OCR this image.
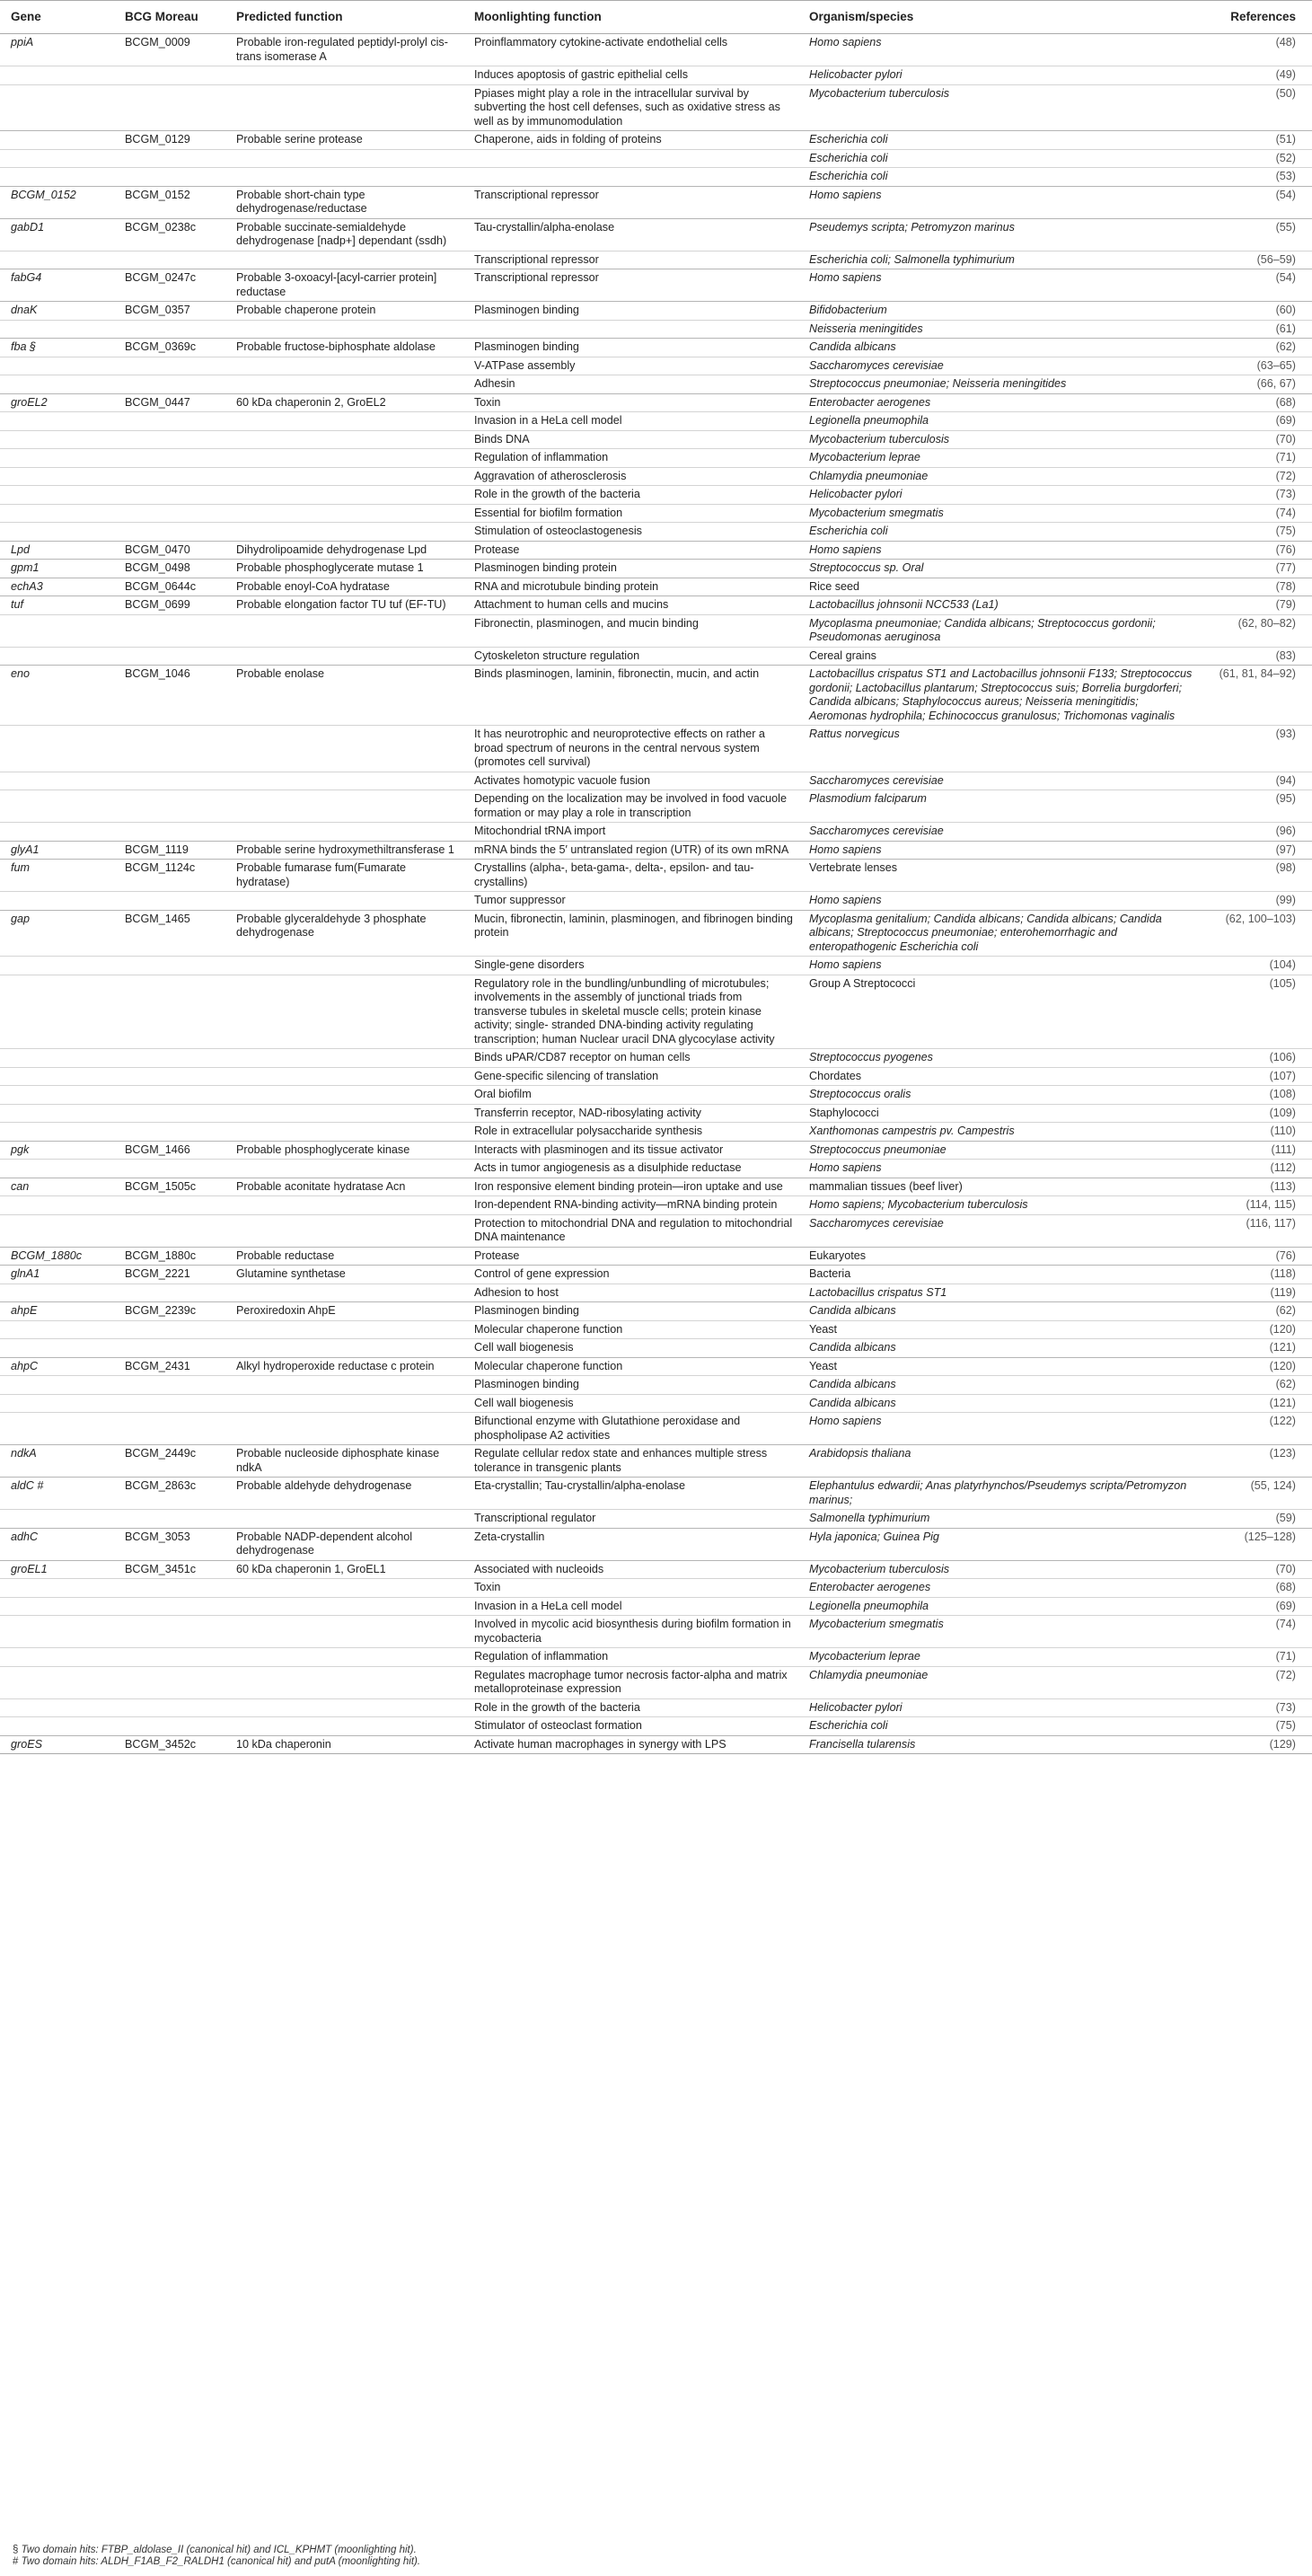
Gene	BCG Moreau	Predicted function	Moonlighting function	Organism/species	References
ppiA	BCGM_0009	Probable iron-regulated peptidyl-prolyl cis-trans isomerase A	Proinflammatory cytokine-activate endothelial cells	Homo sapiens	(48)
			Induces apoptosis of gastric epithelial cells	Helicobacter pylori	(49)
			Ppiases might play a role in the intracellular survival by subverting the host cell defenses, such as oxidative stress as well as by immunomodulation	Mycobacterium tuberculosis	(50)
	BCGM_0129	Probable serine protease	Chaperone, aids in folding of proteins	Escherichia coli	(51)
				Escherichia coli	(52)
				Escherichia coli	(53)
BCGM_0152	BCGM_0152	Probable short-chain type dehydrogenase/reductase	Transcriptional repressor	Homo sapiens	(54)
gabD1	BCGM_0238c	Probable succinate-semialdehyde dehydrogenase [nadp+] dependant (ssdh)	Tau-crystallin/alpha-enolase	Pseudemys scripta; Petromyzon marinus	(55)
			Transcriptional repressor	Escherichia coli; Salmonella typhimurium	(56–59)
fabG4	BCGM_0247c	Probable 3-oxoacyl-[acyl-carrier protein] reductase	Transcriptional repressor	Homo sapiens	(54)
dnaK	BCGM_0357	Probable chaperone protein	Plasminogen binding	Bifidobacterium	(60)
				Neisseria meningitides	(61)
fba §	BCGM_0369c	Probable fructose-biphosphate aldolase	Plasminogen binding	Candida albicans	(62)
			V-ATPase assembly	Saccharomyces cerevisiae	(63–65)
			Adhesin	Streptococcus pneumoniae; Neisseria meningitides	(66, 67)
groEL2	BCGM_0447	60 kDa chaperonin 2, GroEL2	Toxin	Enterobacter aerogenes	(68)
			Invasion in a HeLa cell model	Legionella pneumophila	(69)
			Binds DNA	Mycobacterium tuberculosis	(70)
			Regulation of inflammation	Mycobacterium leprae	(71)
			Aggravation of atherosclerosis	Chlamydia pneumoniae	(72)
			Role in the growth of the bacteria	Helicobacter pylori	(73)
			Essential for biofilm formation	Mycobacterium smegmatis	(74)
			Stimulation of osteoclastogenesis	Escherichia coli	(75)
Lpd	BCGM_0470	Dihydrolipoamide dehydrogenase Lpd	Protease	Homo sapiens	(76)
gpm1	BCGM_0498	Probable phosphoglycerate mutase 1	Plasminogen binding protein	Streptococcus sp. Oral	(77)
echA3	BCGM_0644c	Probable enoyl-CoA hydratase	RNA and microtubule binding protein	Rice seed	(78)
tuf	BCGM_0699	Probable elongation factor TU tuf (EF-TU)	Attachment to human cells and mucins	Lactobacillus johnsonii NCC533 (La1)	(79)
			Fibronectin, plasminogen, and mucin binding	Mycoplasma pneumoniae; Candida albicans; Streptococcus gordonii; Pseudomonas aeruginosa	(62, 80–82)
			Cytoskeleton structure regulation	Cereal grains	(83)
eno	BCGM_1046	Probable enolase	Binds plasminogen, laminin, fibronectin, mucin, and actin	Lactobacillus crispatus ST1 and Lactobacillus johnsonii F133; Streptococcus gordonii; Lactobacillus plantarum; Streptococcus suis; Borrelia burgdorferi; Candida albicans; Staphylococcus aureus; Neisseria meningitidis; Aeromonas hydrophila; Echinococcus granulosus; Trichomonas vaginalis	(61, 81, 84–92)
			It has neurotrophic and neuroprotective effects on rather a broad spectrum of neurons in the central nervous system (promotes cell survival)	Rattus norvegicus	(93)
			Activates homotypic vacuole fusion	Saccharomyces cerevisiae	(94)
			Depending on the localization may be involved in food vacuole formation or may play a role in transcription	Plasmodium falciparum	(95)
			Mitochondrial tRNA import	Saccharomyces cerevisiae	(96)
glyA1	BCGM_1119	Probable serine hydroxymethiltransferase 1	mRNA binds the 5′ untranslated region (UTR) of its own mRNA	Homo sapiens	(97)
fum	BCGM_1124c	Probable fumarase fum(Fumarate hydratase)	Crystallins (alpha-, beta-gama-, delta-, epsilon- and tau- crystallins)	Vertebrate lenses	(98)
			Tumor suppressor	Homo sapiens	(99)
gap	BCGM_1465	Probable glyceraldehyde 3 phosphate dehydrogenase	Mucin, fibronectin, laminin, plasminogen, and fibrinogen binding protein	Mycoplasma genitalium; Candida albicans; Candida albicans; Candida albicans; Streptococcus pneumoniae; enterohemorrhagic and enteropathogenic Escherichia coli	(62, 100–103)
			Single-gene disorders	Homo sapiens	(104)
			Regulatory role in the bundling/unbundling of microtubules; involvements in the assembly of junctional triads from transverse tubules in skeletal muscle cells; protein kinase activity; single- stranded DNA-binding activity regulating transcription; human Nuclear uracil DNA glycocylase activity	Group A Streptococci	(105)
			Binds uPAR/CD87 receptor on human cells	Streptococcus pyogenes	(106)
			Gene-specific silencing of translation	Chordates	(107)
			Oral biofilm	Streptococcus oralis	(108)
			Transferrin receptor, NAD-ribosylating activity	Staphylococci	(109)
			Role in extracellular polysaccharide synthesis	Xanthomonas campestris pv. Campestris	(110)
pgk	BCGM_1466	Probable phosphoglycerate kinase	Interacts with plasminogen and its tissue activator	Streptococcus pneumoniae	(111)
			Acts in tumor angiogenesis as a disulphide reductase	Homo sapiens	(112)
can	BCGM_1505c	Probable aconitate hydratase Acn	Iron responsive element binding protein—iron uptake and use	mammalian tissues (beef liver)	(113)
			Iron-dependent RNA-binding activity—mRNA binding protein	Homo sapiens; Mycobacterium tuberculosis	(114, 115)
			Protection to mitochondrial DNA and regulation to mitochondrial DNA maintenance	Saccharomyces cerevisiae	(116, 117)
BCGM_1880c	BCGM_1880c	Probable reductase	Protease	Eukaryotes	(76)
glnA1	BCGM_2221	Glutamine synthetase	Control of gene expression	Bacteria	(118)
			Adhesion to host	Lactobacillus crispatus ST1	(119)
ahpE	BCGM_2239c	Peroxiredoxin AhpE	Plasminogen binding	Candida albicans	(62)
			Molecular chaperone function	Yeast	(120)
			Cell wall biogenesis	Candida albicans	(121)
ahpC	BCGM_2431	Alkyl hydroperoxide reductase c protein	Molecular chaperone function	Yeast	(120)
			Plasminogen binding	Candida albicans	(62)
			Cell wall biogenesis	Candida albicans	(121)
			Bifunctional enzyme with Glutathione peroxidase and phospholipase A2 activities	Homo sapiens	(122)
ndkA	BCGM_2449c	Probable nucleoside diphosphate kinase ndkA	Regulate cellular redox state and enhances multiple stress tolerance in transgenic plants	Arabidopsis thaliana	(123)
aldC #	BCGM_2863c	Probable aldehyde dehydrogenase	Eta-crystallin; Tau-crystallin/alpha-enolase	Elephantulus edwardii; Anas platyrhynchos/Pseudemys scripta/Petromyzon marinus;	(55, 124)
			Transcriptional regulator	Salmonella typhimurium	(59)
adhC	BCGM_3053	Probable NADP-dependent alcohol dehydrogenase	Zeta-crystallin	Hyla japonica; Guinea Pig	(125–128)
groEL1	BCGM_3451c	60 kDa chaperonin 1, GroEL1	Associated with nucleoids	Mycobacterium tuberculosis	(70)
			Toxin	Enterobacter aerogenes	(68)
			Invasion in a HeLa cell model	Legionella pneumophila	(69)
			Involved in mycolic acid biosynthesis during biofilm formation in mycobacteria	Mycobacterium smegmatis	(74)
			Regulation of inflammation	Mycobacterium leprae	(71)
			Regulates macrophage tumor necrosis factor-alpha and matrix metalloproteinase expression	Chlamydia pneumoniae	(72)
			Role in the growth of the bacteria	Helicobacter pylori	(73)
			Stimulator of osteoclast formation	Escherichia coli	(75)
groES	BCGM_3452c	10 kDa chaperonin	Activate human macrophages in synergy with LPS	Francisella tularensis	(129)
§ Two domain hits: FTBP_aldolase_II (canonical hit) and ICL_KPHMT (moonlighting hit).
# Two domain hits: ALDH_F1AB_F2_RALDH1 (canonical hit) and putA (moonlighting hit).
